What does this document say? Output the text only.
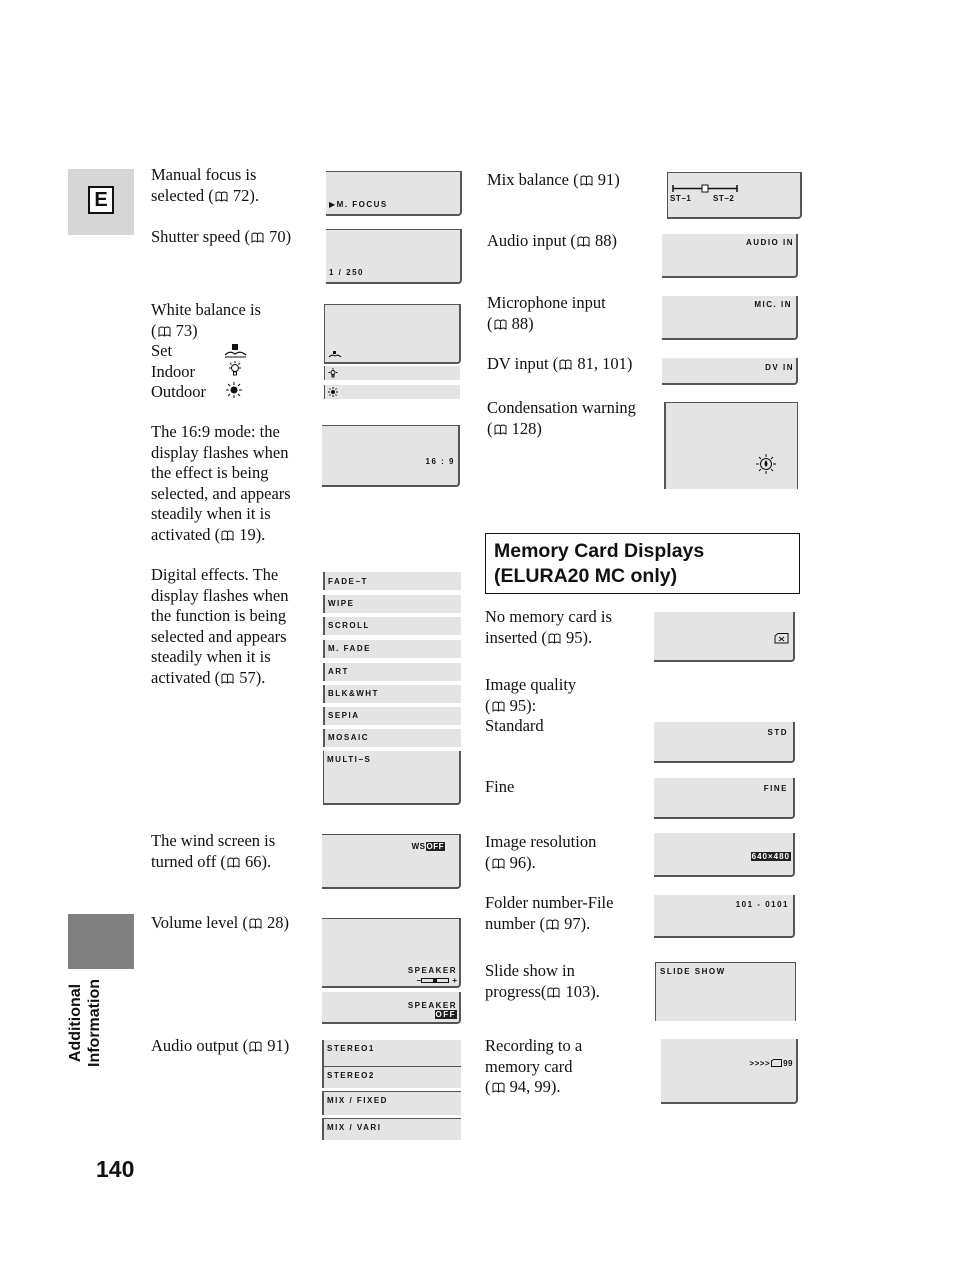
E
Additional Information
140
Manual focus is
selected ( 72).
Shutter speed ( 70)
White balance is
( 73)
Set
Indoor
Outdoor
The 16:9 mode: the
display flashes when
the effect is being
selected, and appears
steadily when it is
activated ( 19).
Digital effects. The
display flashes when
the function is being
selected and appears
steadily when it is
activated ( 57).
The wind screen is
turned off ( 66).
Volume level ( 28)
Audio output ( 91)
▶M. FOCUS
1 / 250
16 : 9
FADE−T
WIPE
SCROLL
M. FADE
ART
BLK&WHT
SEPIA
MOSAIC
MULTI−S
WSOFF
SPEAKER
−	+
SPEAKER
OFF
STEREO1
STEREO2
MIX / FIXED
MIX / VARI
Mix balance ( 91)
Audio input ( 88)
Microphone input
( 88)
DV input ( 81, 101)
Condensation warning
( 128)
Memory Card Displays
(ELURA20 MC only)
No memory card is
inserted ( 95).
Image quality
( 95):
Standard
Fine
Image resolution
( 96).
Folder number-File
number ( 97).
Slide show in
progress( 103).
Recording to a
memory card
( 94, 99).
ST−1	ST−2
AUDIO IN
MIC. IN
DV IN
STD
FINE
640×480
101 - 0101
SLIDE SHOW
>>>> 99
